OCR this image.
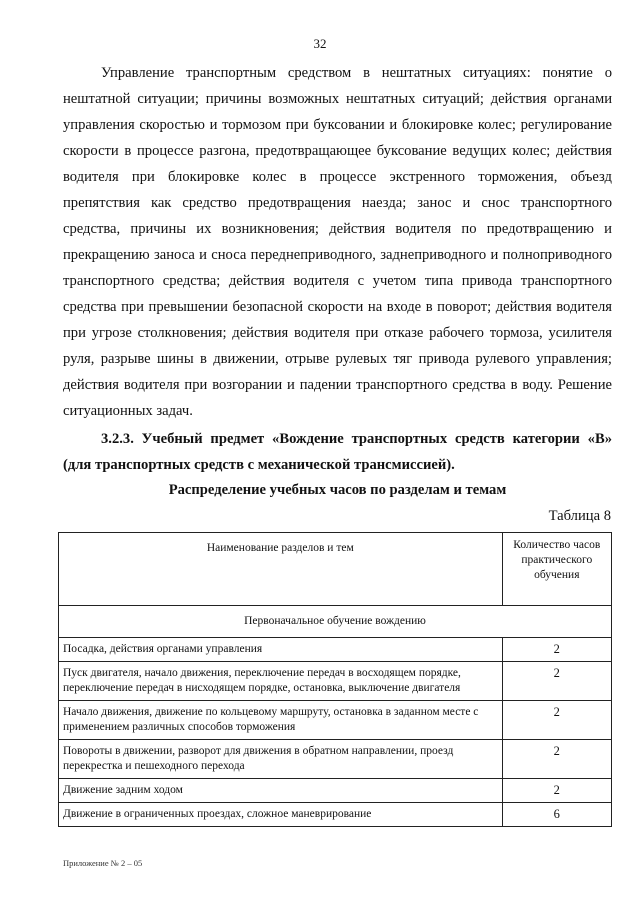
32

Управление транспортным средством в нештатных ситуациях: понятие о нештатной ситуации; причины возможных нештатных ситуаций; действия органами управления скоростью и тормозом при буксовании и блокировке колес; регулирование скорости в процессе разгона, предотвращающее буксование ведущих колес; действия водителя при блокировке колес в процессе экстренного торможения, объезд препятствия как средство предотвращения наезда; занос и снос транспортного средства, причины их возникновения; действия водителя по предотвращению и прекращению заноса и сноса переднеприводного, заднеприводного и полноприводного транспортного средства; действия водителя с учетом типа привода транспортного средства при превышении безопасной скорости на входе в поворот; действия водителя при угрозе столкновения; действия водителя при отказе рабочего тормоза, усилителя руля, разрыве шины в движении, отрыве рулевых тяг привода рулевого управления; действия водителя при возгорании и падении транспортного средства в воду. Решение ситуационных задач.

3.2.3. Учебный предмет «Вождение транспортных средств категории «B» (для транспортных средств с механической трансмиссией).

Распределение учебных часов по разделам и темам

Таблица 8

Наименование разделов и тем	Количество часов практического обучения
Первоначальное обучение вождению	
Посадка, действия органами управления	2
Пуск двигателя, начало движения, переключение передач в восходящем порядке, переключение передач в нисходящем порядке, остановка, выключение двигателя	2
Начало движения, движение по кольцевому маршруту, остановка в заданном месте с применением различных способов торможения	2
Повороты в движении, разворот для движения в обратном направлении, проезд перекрестка и пешеходного перехода	2
Движение задним ходом	2
Движение в ограниченных проездах, сложное маневрирование	6
Приложение № 2 – 05
